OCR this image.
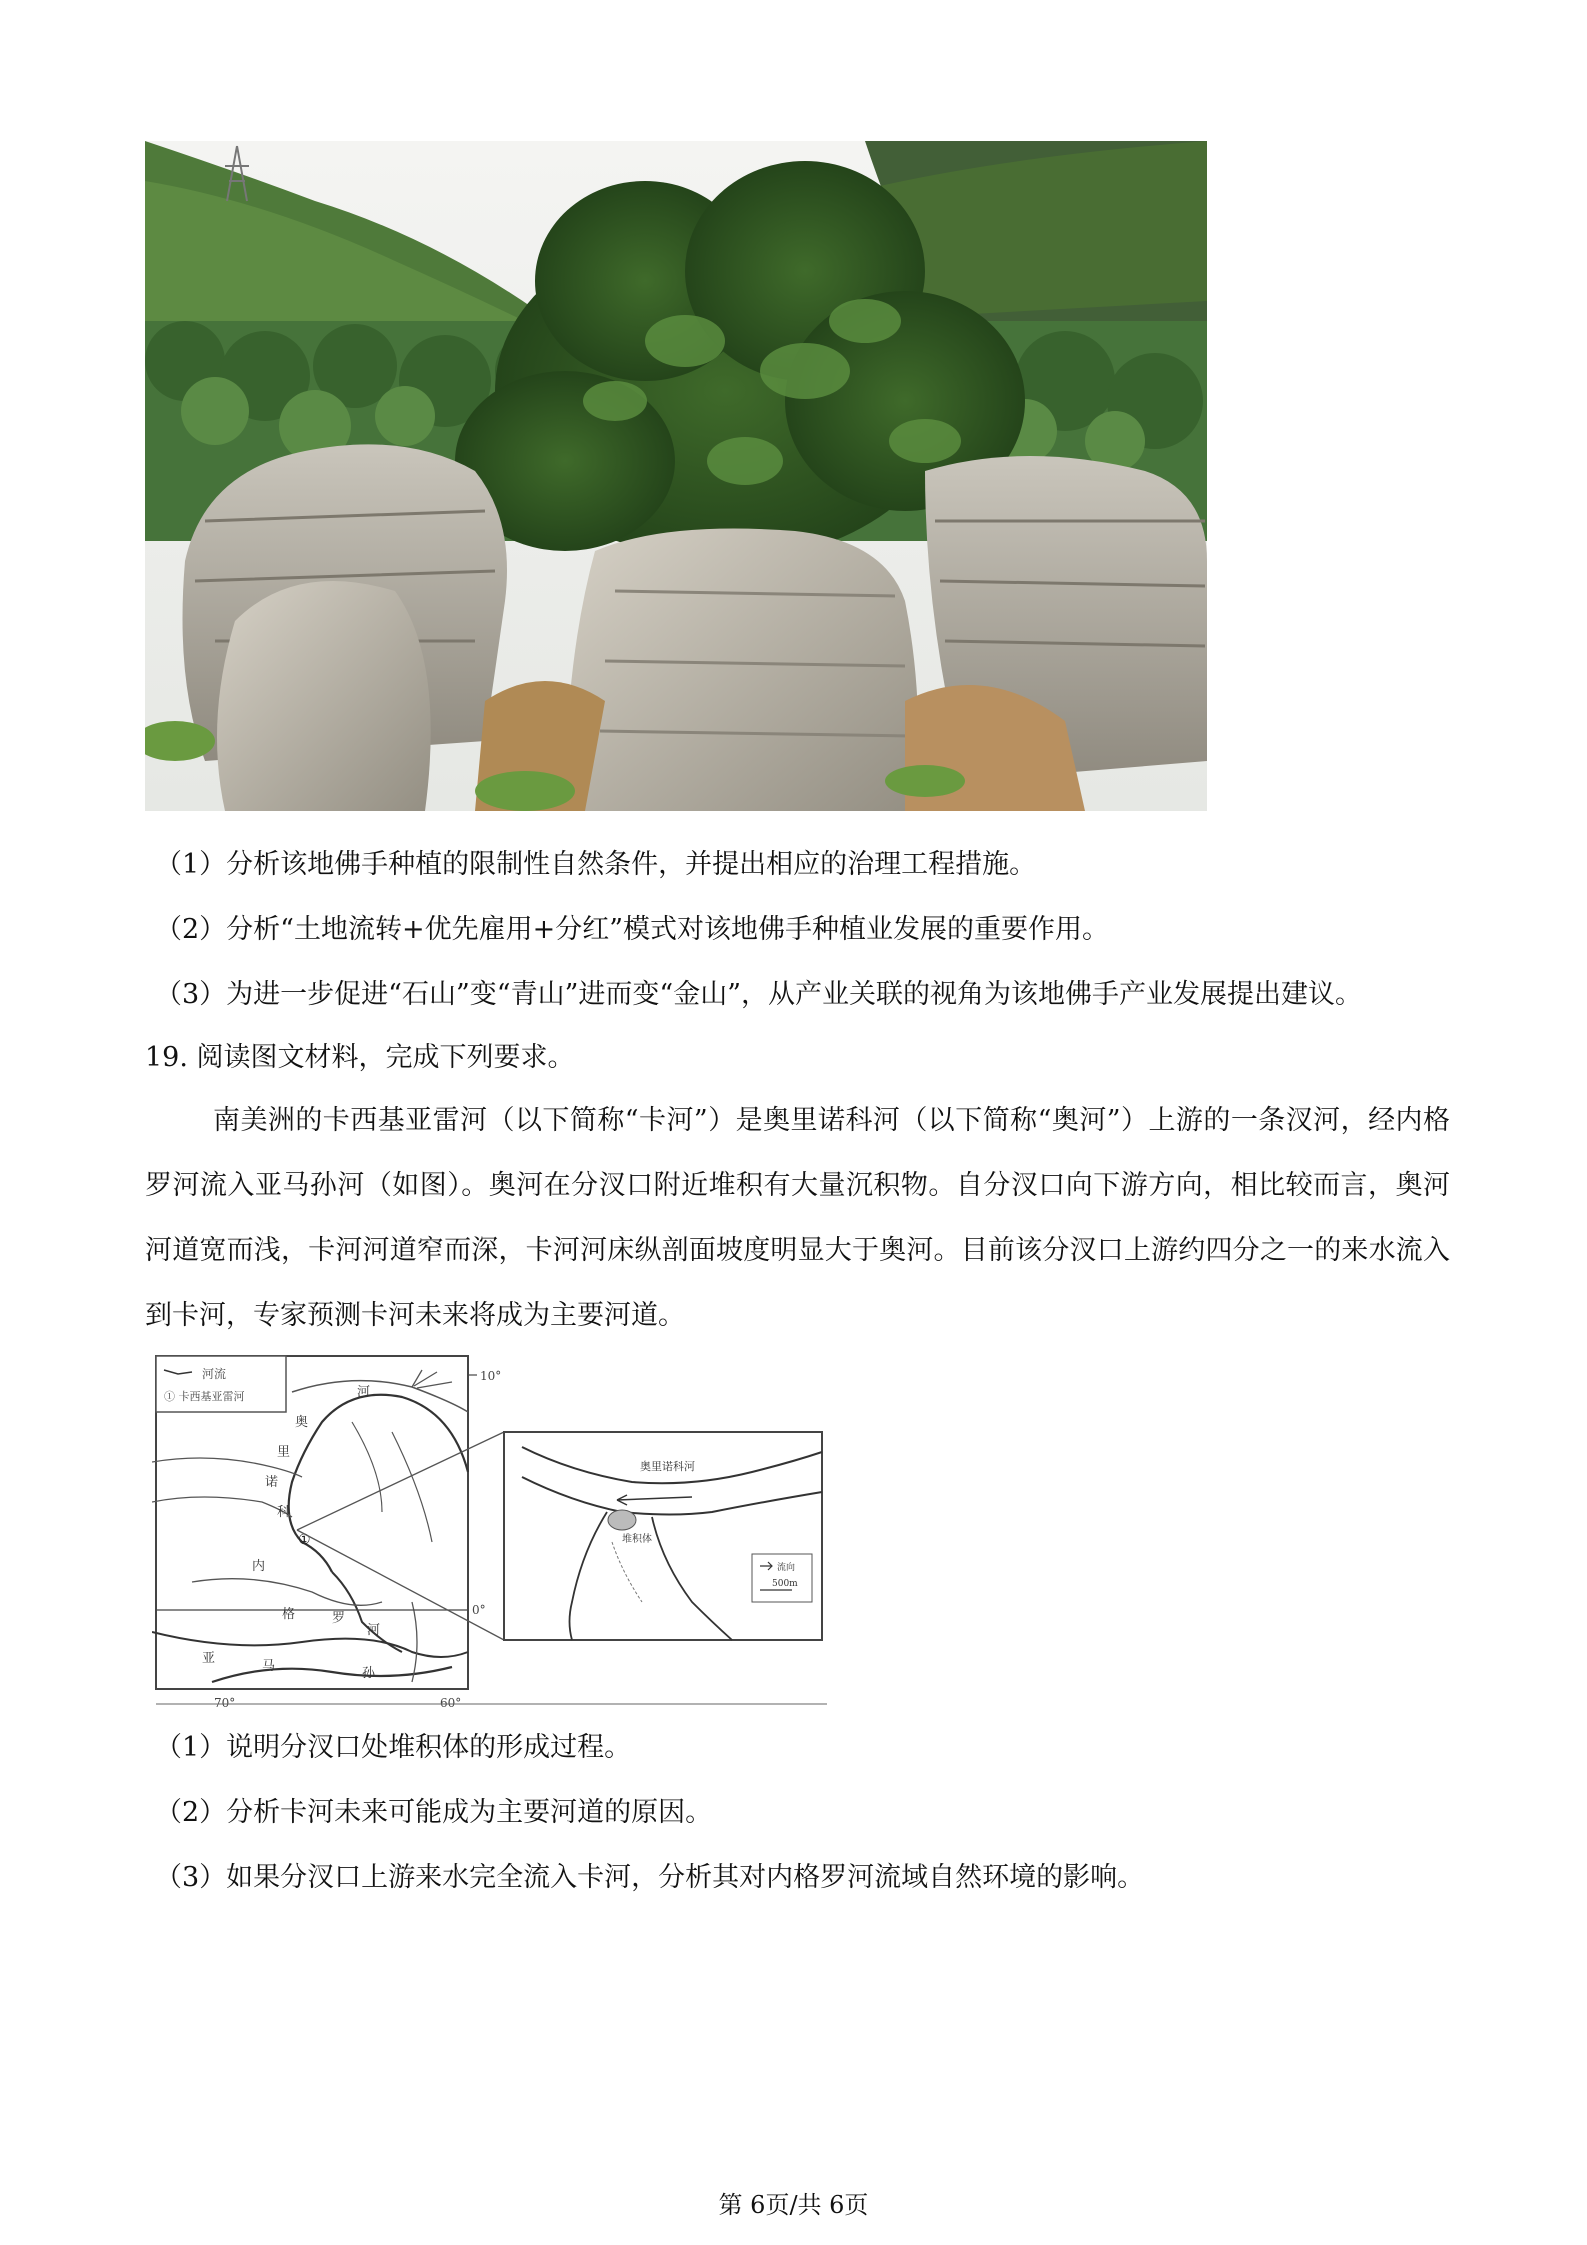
（1）分析该地佛手种植的限制性自然条件，并提出相应的治理工程措施。
（2）分析“土地流转+优先雇用+分红”模式对该地佛手种植业发展的重要作用。
（3）为进一步促进“石山”变“青山”进而变“金山”，从产业关联的视角为该地佛手产业发展提出建议。
19. 阅读图文材料，完成下列要求。
南美洲的卡西基亚雷河（以下简称“卡河”）是奥里诺科河（以下简称“奥河”）上游的一条汊河，经内格罗河流入亚马孙河（如图）。奥河在分汊口附近堆积有大量沉积物。自分汊口向下游方向，相比较而言，奥河河道宽而浅，卡河河道窄而深，卡河河床纵剖面坡度明显大于奥河。目前该分汊口上游约四分之一的来水流入到卡河，专家预测卡河未来将成为主要河道。
河流
① 卡西基亚雷河
10°
0°
70°	60°
奥
里
诺
科
河
内
格	罗
河
亚
马	孙
①
奥里诺科河
堆积体
流向
500m
（1）说明分汊口处堆积体的形成过程。
（2）分析卡河未来可能成为主要河道的原因。
（3）如果分汊口上游来水完全流入卡河，分析其对内格罗河流域自然环境的影响。
第 6页/共 6页
